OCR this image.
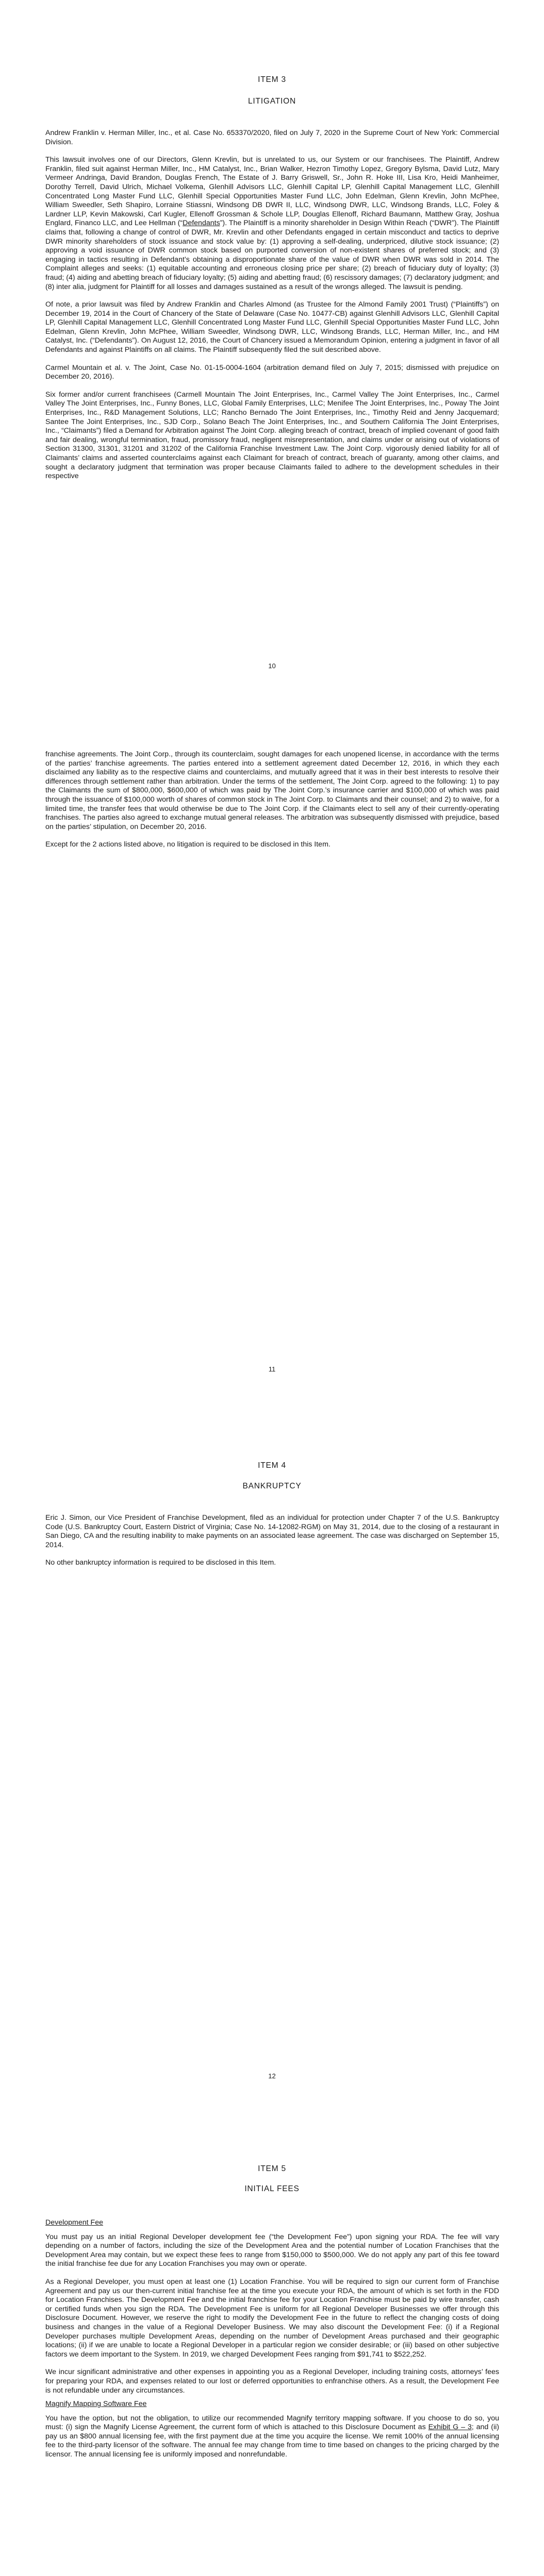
ITEM 3
LITIGATION

Andrew Franklin v. Herman Miller, Inc., et al. Case No. 653370/2020, filed on July 7, 2020 in the Supreme Court of New York: Commercial Division.

This lawsuit involves one of our Directors, Glenn Krevlin, but is unrelated to us, our System or our franchisees. The Plaintiff, Andrew Franklin, filed suit against Herman Miller, Inc., HM Catalyst, Inc., Brian Walker, Hezron Timothy Lopez, Gregory Bylsma, David Lutz, Mary Vermeer Andringa, David Brandon, Douglas French, The Estate of J. Barry Griswell, Sr., John R. Hoke III, Lisa Kro, Heidi Manheimer, Dorothy Terrell, David Ulrich, Michael Volkema, Glenhill Advisors LLC, Glenhill Capital LP, Glenhill Capital Management LLC, Glenhill Concentrated Long Master Fund LLC, Glenhill Special Opportunities Master Fund LLC, John Edelman, Glenn Krevlin, John McPhee, William Sweedler, Seth Shapiro, Lorraine Stiassni, Windsong DB DWR II, LLC, Windsong DWR, LLC, Windsong Brands, LLC, Foley & Lardner LLP, Kevin Makowski, Carl Kugler, Ellenoff Grossman & Schole LLP, Douglas Ellenoff, Richard Baumann, Matthew Gray, Joshua Englard, Financo LLC, and Lee Hellman (“Defendants”). The Plaintiff is a minority shareholder in Design Within Reach (“DWR”). The Plaintiff claims that, following a change of control of DWR, Mr. Krevlin and other Defendants engaged in certain misconduct and tactics to deprive DWR minority shareholders of stock issuance and stock value by: (1) approving a self-dealing, underpriced, dilutive stock issuance; (2) approving a void issuance of DWR common stock based on purported conversion of non-existent shares of preferred stock; and (3) engaging in tactics resulting in Defendant’s obtaining a disproportionate share of the value of DWR when DWR was sold in 2014. The Complaint alleges and seeks: (1) equitable accounting and erroneous closing price per share; (2) breach of fiduciary duty of loyalty; (3) fraud; (4) aiding and abetting breach of fiduciary loyalty; (5) aiding and abetting fraud; (6) rescissory damages; (7) declaratory judgment; and (8) inter alia, judgment for Plaintiff for all losses and damages sustained as a result of the wrongs alleged. The lawsuit is pending.

Of note, a prior lawsuit was filed by Andrew Franklin and Charles Almond (as Trustee for the Almond Family 2001 Trust) (“Plaintiffs”) on December 19, 2014 in the Court of Chancery of the State of Delaware (Case No. 10477-CB) against Glenhill Advisors LLC, Glenhill Capital LP, Glenhill Capital Management LLC, Glenhill Concentrated Long Master Fund LLC, Glenhill Special Opportunities Master Fund LLC, John Edelman, Glenn Krevlin, John McPhee, William Sweedler, Windsong DWR, LLC, Windsong Brands, LLC, Herman Miller, Inc., and HM Catalyst, Inc. (“Defendants”). On August 12, 2016, the Court of Chancery issued a Memorandum Opinion, entering a judgment in favor of all Defendants and against Plaintiffs on all claims. The Plaintiff subsequently filed the suit described above.

Carmel Mountain et al. v. The Joint, Case No. 01-15-0004-1604 (arbitration demand filed on July 7, 2015; dismissed with prejudice on December 20, 2016).

Six former and/or current franchisees (Carmell Mountain The Joint Enterprises, Inc., Carmel Valley The Joint Enterprises, Inc., Carmel Valley The Joint Enterprises, Inc., Funny Bones, LLC, Global Family Enterprises, LLC; Menifee The Joint Enterprises, Inc., Poway The Joint Enterprises, Inc., R&D Management Solutions, LLC; Rancho Bernado The Joint Enterprises, Inc., Timothy Reid and Jenny Jacquemard; Santee The Joint Enterprises, Inc., SJD Corp., Solano Beach The Joint Enterprises, Inc., and Southern California The Joint Enterprises, Inc., “Claimants”) filed a Demand for Arbitration against The Joint Corp. alleging breach of contract, breach of implied covenant of good faith and fair dealing, wrongful termination, fraud, promissory fraud, negligent misrepresentation, and claims under or arising out of violations of Section 31300, 31301, 31201 and 31202 of the California Franchise Investment Law. The Joint Corp. vigorously denied liability for all of Claimants’ claims and asserted counterclaims against each Claimant for breach of contract, breach of guaranty, among other claims, and sought a declaratory judgment that termination was proper because Claimants failed to adhere to the development schedules in their respective

10

franchise agreements. The Joint Corp., through its counterclaim, sought damages for each unopened license, in accordance with the terms of the parties’ franchise agreements. The parties entered into a settlement agreement dated December 12, 2016, in which they each disclaimed any liability as to the respective claims and counterclaims, and mutually agreed that it was in their best interests to resolve their differences through settlement rather than arbitration. Under the terms of the settlement, The Joint Corp. agreed to the following: 1) to pay the Claimants the sum of $800,000, $600,000 of which was paid by The Joint Corp.’s insurance carrier and $100,000 of which was paid through the issuance of $100,000 worth of shares of common stock in The Joint Corp. to Claimants and their counsel; and 2) to waive, for a limited time, the transfer fees that would otherwise be due to The Joint Corp. if the Claimants elect to sell any of their currently-operating franchises. The parties also agreed to exchange mutual general releases. The arbitration was subsequently dismissed with prejudice, based on the parties’ stipulation, on December 20, 2016.

Except for the 2 actions listed above, no litigation is required to be disclosed in this Item.

11
ITEM 4
BANKRUPTCY

Eric J. Simon, our Vice President of Franchise Development, filed as an individual for protection under Chapter 7 of the U.S. Bankruptcy Code (U.S. Bankruptcy Court, Eastern District of Virginia; Case No. 14-12082-RGM) on May 31, 2014, due to the closing of a restaurant in San Diego, CA and the resulting inability to make payments on an associated lease agreement. The case was discharged on September 15, 2014.

No other bankruptcy information is required to be disclosed in this Item.

12
ITEM 5
INITIAL FEES

Development Fee

You must pay us an initial Regional Developer development fee (“the Development Fee”) upon signing your RDA. The fee will vary depending on a number of factors, including the size of the Development Area and the potential number of Location Franchises that the Development Area may contain, but we expect these fees to range from $150,000 to $500,000. We do not apply any part of this fee toward the initial franchise fee due for any Location Franchises you may own or operate.

As a Regional Developer, you must open at least one (1) Location Franchise. You will be required to sign our current form of Franchise Agreement and pay us our then-current initial franchise fee at the time you execute your RDA, the amount of which is set forth in the FDD for Location Franchises. The Development Fee and the initial franchise fee for your Location Franchise must be paid by wire transfer, cash or certified funds when you sign the RDA. The Development Fee is uniform for all Regional Developer Businesses we offer through this Disclosure Document. However, we reserve the right to modify the Development Fee in the future to reflect the changing costs of doing business and changes in the value of a Regional Developer Business. We may also discount the Development Fee: (i) if a Regional Developer purchases multiple Development Areas, depending on the number of Development Areas purchased and their geographic locations; (ii) if we are unable to locate a Regional Developer in a particular region we consider desirable; or (iii) based on other subjective factors we deem important to the System. In 2019, we charged Development Fees ranging from $91,741 to $522,252.

We incur significant administrative and other expenses in appointing you as a Regional Developer, including training costs, attorneys’ fees for preparing your RDA, and expenses related to our lost or deferred opportunities to enfranchise others. As a result, the Development Fee is not refundable under any circumstances.

Magnify Mapping Software Fee

You have the option, but not the obligation, to utilize our recommended Magnify territory mapping software. If you choose to do so, you must: (i) sign the Magnify License Agreement, the current form of which is attached to this Disclosure Document as Exhibit G – 3; and (ii) pay us an $800 annual licensing fee, with the first payment due at the time you acquire the license. We remit 100% of the annual licensing fee to the third-party licensor of the software. The annual fee may change from time to time based on changes to the pricing charged by the licensor. The annual licensing fee is uniformly imposed and nonrefundable.
